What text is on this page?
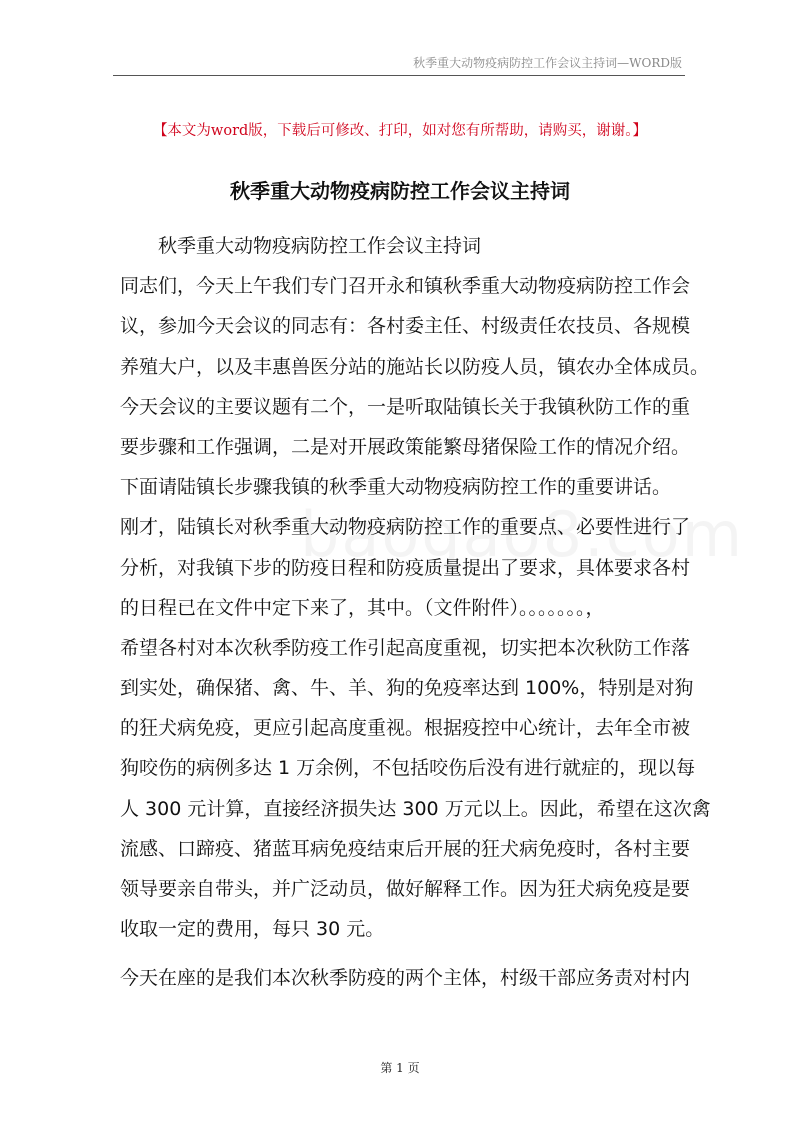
秋季重大动物疫病防控工作会议主持词—WORD版
【本文为word版，下载后可修改、打印，如对您有所帮助，请购买，谢谢。】
秋季重大动物疫病防控工作会议主持词
秋季重大动物疫病防控工作会议主持词
同志们，今天上午我们专门召开永和镇秋季重大动物疫病防控工作会
议，参加今天会议的同志有：各村委主任、村级责任农技员、各规模
养殖大户，以及丰惠兽医分站的施站长以防疫人员，镇农办全体成员。
今天会议的主要议题有二个，一是听取陆镇长关于我镇秋防工作的重
要步骤和工作强调，二是对开展政策能繁母猪保险工作的情况介绍。
下面请陆镇长步骤我镇的秋季重大动物疫病防控工作的重要讲话。
刚才，陆镇长对秋季重大动物疫病防控工作的重要点、必要性进行了
分析，对我镇下步的防疫日程和防疫质量提出了要求，具体要求各村
的日程已在文件中定下来了，其中。（文件附件）。。。。。。。，
希望各村对本次秋季防疫工作引起高度重视，切实把本次秋防工作落
到实处，确保猪、禽、牛、羊、狗的免疫率达到 100%，特别是对狗
的狂犬病免疫，更应引起高度重视。根据疫控中心统计，去年全市被
狗咬伤的病例多达 1 万余例，不包括咬伤后没有进行就症的，现以每
人 300 元计算，直接经济损失达 300 万元以上。因此，希望在这次禽
流感、口蹄疫、猪蓝耳病免疫结束后开展的狂犬病免疫时，各村主要
领导要亲自带头，并广泛动员，做好解释工作。因为狂犬病免疫是要
收取一定的费用，每只 30 元。
今天在座的是我们本次秋季防疫的两个主体，村级干部应务责对村内
第 1 页
